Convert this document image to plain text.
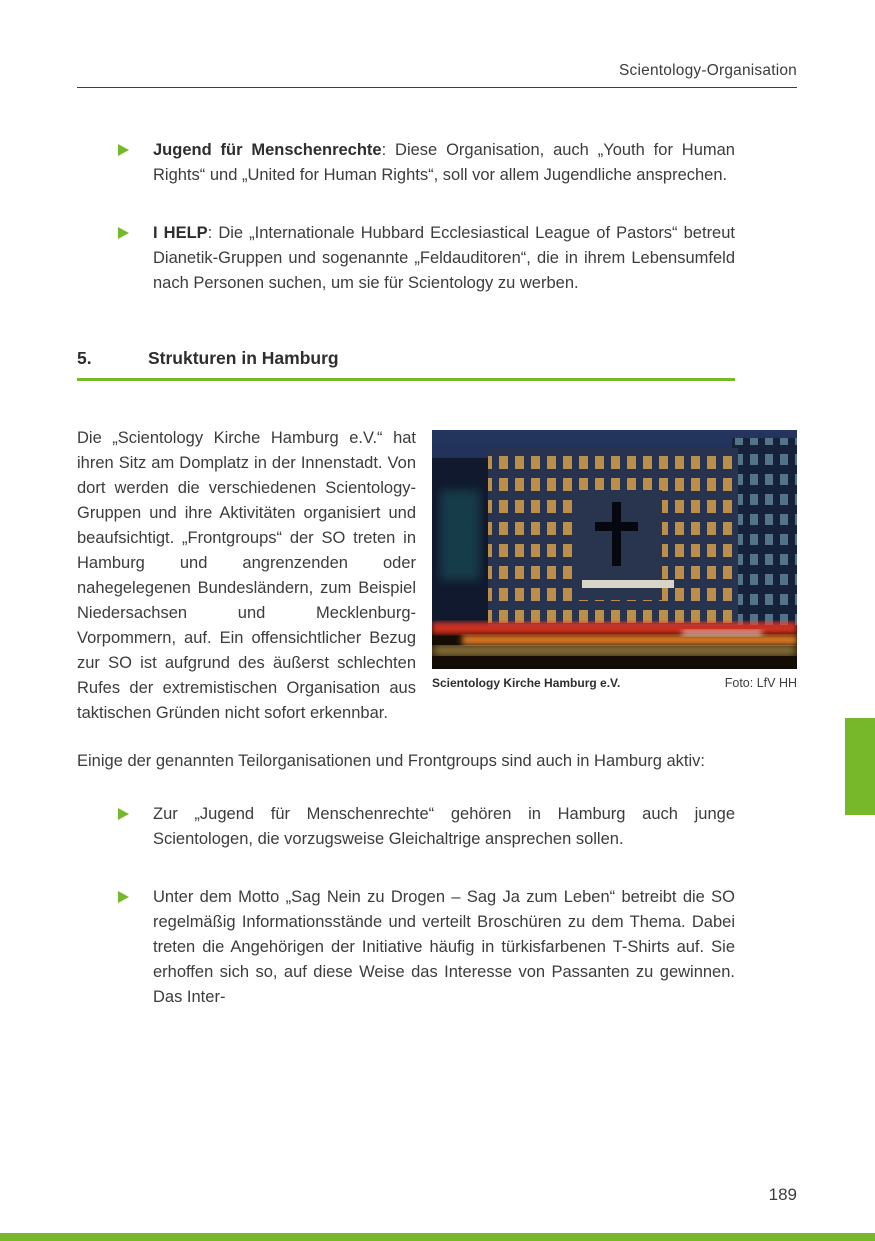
Scientology-Organisation

Jugend für Menschenrechte: Diese Organisation, auch „Youth for Human Rights“ und „United for Human Rights“, soll vor allem Jugendliche ansprechen.

I HELP: Die „Internationale Hubbard Ecclesiastical League of Pastors“ betreut Dianetik-Gruppen und sogenannte „Feldauditoren“, die in ihrem Lebensumfeld nach Personen suchen, um sie für Scientology zu werben.

5.	Strukturen in Hamburg
Scientology Kirche Hamburg e.V.	Foto: LfV HH

Die „Scientology Kirche Hamburg e.V.“ hat ihren Sitz am Domplatz in der Innenstadt. Von dort werden die verschiedenen Scientology-Gruppen und ihre Aktivitäten organisiert und beaufsichtigt. „Frontgroups“ der SO treten in Hamburg und angrenzenden oder nahegelegenen Bundesländern, zum Beispiel Niedersachsen und Mecklenburg-Vorpommern, auf. Ein offensichtlicher Bezug zur SO ist aufgrund des äußerst schlechten Rufes der extremistischen Organisation aus taktischen Gründen nicht sofort erkennbar.

Einige der genannten Teilorganisationen und Frontgroups sind auch in Hamburg aktiv:

Zur „Jugend für Menschenrechte“ gehören in Hamburg auch junge Scientologen, die vorzugsweise Gleichaltrige ansprechen sollen.

Unter dem Motto „Sag Nein zu Drogen – Sag Ja zum Leben“ betreibt die SO regelmäßig Informationsstände und verteilt Broschüren zu dem Thema. Dabei treten die Angehörigen der Initiative häufig in türkisfarbenen T-Shirts auf. Sie erhoffen sich so, auf diese Weise das Interesse von Passanten zu gewinnen. Das Inter-

189
